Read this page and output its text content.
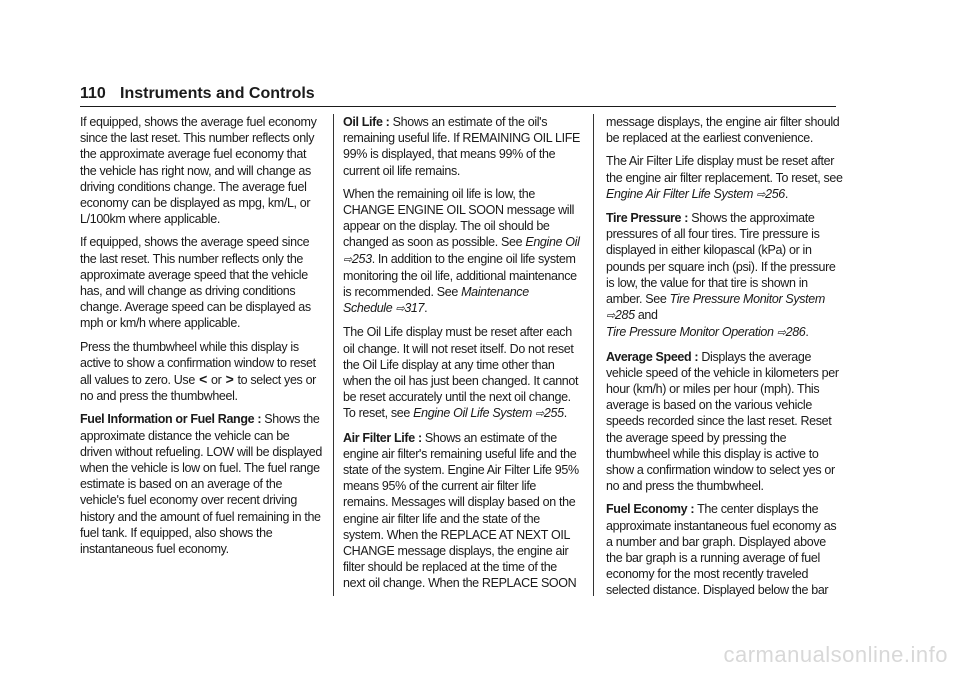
110 Instruments and Controls

If equipped, shows the average fuel economy since the last reset. This number reflects only the approximate average fuel economy that the vehicle has right now, and will change as driving conditions change. The average fuel economy can be displayed as mpg, km/L, or L/100km where applicable.

If equipped, shows the average speed since the last reset. This number reflects only the approximate average speed that the vehicle has, and will change as driving conditions change. Average speed can be displayed as mph or km/h where applicable.

Press the thumbwheel while this display is active to show a confirmation window to reset all values to zero. Use < or > to select yes or no and press the thumbwheel.

Fuel Information or Fuel Range : Shows the approximate distance the vehicle can be driven without refueling. LOW will be displayed when the vehicle is low on fuel. The fuel range estimate is based on an average of the vehicle's fuel economy over recent driving history and the amount of fuel remaining in the fuel tank. If equipped, also shows the instantaneous fuel economy.

Oil Life : Shows an estimate of the oil's remaining useful life. If REMAINING OIL LIFE 99% is displayed, that means 99% of the current oil life remains.

When the remaining oil life is low, the CHANGE ENGINE OIL SOON message will appear on the display. The oil should be changed as soon as possible. See Engine Oil ⇨253. In addition to the engine oil life system monitoring the oil life, additional maintenance is recommended. See Maintenance Schedule ⇨317.

The Oil Life display must be reset after each oil change. It will not reset itself. Do not reset the Oil Life display at any time other than when the oil has just been changed. It cannot be reset accurately until the next oil change. To reset, see Engine Oil Life System ⇨255.

Air Filter Life : Shows an estimate of the engine air filter's remaining useful life and the state of the system. Engine Air Filter Life 95% means 95% of the current air filter life remains. Messages will display based on the engine air filter life and the state of the system. When the REPLACE AT NEXT OIL CHANGE message displays, the engine air filter should be replaced at the time of the next oil change. When the REPLACE SOON

message displays, the engine air filter should be replaced at the earliest convenience.

The Air Filter Life display must be reset after the engine air filter replacement. To reset, see Engine Air Filter Life System ⇨256.

Tire Pressure : Shows the approximate pressures of all four tires. Tire pressure is displayed in either kilopascal (kPa) or in pounds per square inch (psi). If the pressure is low, the value for that tire is shown in amber. See Tire Pressure Monitor System
⇨285 and
Tire Pressure Monitor Operation ⇨286.

Average Speed : Displays the average vehicle speed of the vehicle in kilometers per hour (km/h) or miles per hour (mph). This average is based on the various vehicle speeds recorded since the last reset. Reset the average speed by pressing the thumbwheel while this display is active to show a confirmation window to select yes or no and press the thumbwheel.

Fuel Economy : The center displays the approximate instantaneous fuel economy as a number and bar graph. Displayed above the bar graph is a running average of fuel economy for the most recently traveled selected distance. Displayed below the bar

carmanualsonline.info
